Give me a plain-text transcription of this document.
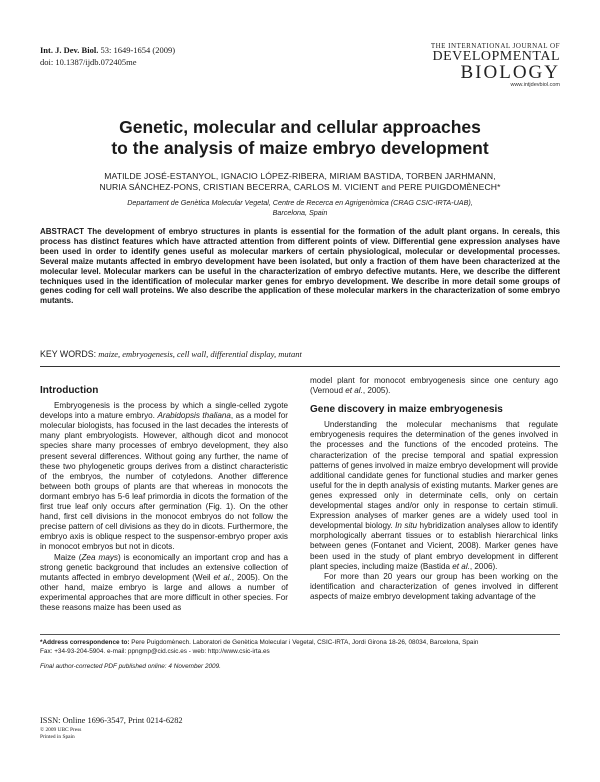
Int. J. Dev. Biol. 53: 1649-1654 (2009)
doi: 10.1387/ijdb.072405me
THE INTERNATIONAL JOURNAL OF
DEVELOPMENTAL
BIOLOGY
www.intjdevbiol.com
Genetic, molecular and cellular approaches
to the analysis of maize embryo development
MATILDE JOSÉ-ESTANYOL, IGNACIO LÓPEZ-RIBERA, MIRIAM BASTIDA, TORBEN JARHMANN,
NURIA SÁNCHEZ-PONS, CRISTIAN BECERRA, CARLOS M. VICIENT and PERE PUIGDOMÈNECH*
Departament de Genètica Molecular Vegetal, Centre de Recerca en Agrigenòmica (CRAG CSIC-IRTA-UAB),
Barcelona, Spain
ABSTRACT The development of embryo structures in plants is essential for the formation of the adult plant organs. In cereals, this process has distinct features which have attracted attention from different points of view. Differential gene expression analyses have been used in order to identify genes useful as molecular markers of certain physiological, molecular or developmental processes. Several maize mutants affected in embryo development have been isolated, but only a fraction of them have been characterized at the molecular level. Molecular markers can be useful in the characterization of embryo defective mutants. Here, we describe the different techniques used in the identification of molecular marker genes for embryo development. We describe in more detail some groups of genes coding for cell wall proteins. We also describe the application of these molecular markers in the characterization of some embryo mutants.
KEY WORDS: maize, embryogenesis, cell wall, differential display, mutant
Introduction

Embryogenesis is the process by which a single-celled zygote develops into a mature embryo. Arabidopsis thaliana, as a model for molecular biologists, has focused in the last decades the interests of many plant embryologists. However, although dicot and monocot species share many processes of embryo development, they also present several differences. Without going any further, the name of these two phylogenetic groups derives from a distinct characteristic of the embryos, the number of cotyledons. Another difference between both groups of plants are that whereas in monocots the dormant embryo has 5-6 leaf primordia in dicots the formation of the first true leaf only occurs after germination (Fig. 1). On the other hand, first cell divisions in the monocot embryos do not follow the precise pattern of cell divisions as they do in dicots. Furthermore, the embryo axis is oblique respect to the suspensor-embryo proper axis in monocot embryos but not in dicots.

Maize (Zea mays) is economically an important crop and has a strong genetic background that includes an extensive collection of mutants affected in embryo development (Weil et al., 2005). On the other hand, maize embryo is large and allows a number of experimental approaches that are more difficult in other species. For these reasons maize has been used as

model plant for monocot embryogenesis since one century ago (Vernoud et al., 2005).

Gene discovery in maize embryogenesis

Understanding the molecular mechanisms that regulate embryogenesis requires the determination of the genes involved in the processes and the functions of the encoded proteins. The characterization of the precise temporal and spatial expression patterns of genes involved in maize embryo development will provide additional candidate genes for functional studies and marker genes useful for the in depth analysis of existing mutants. Marker genes are genes expressed only in determinate cells, only on certain developmental stages and/or only in response to certain stimuli. Expression analyses of marker genes are a widely used tool in developmental biology. In situ hybridization analyses allow to identify morphologically aberrant tissues or to establish hierarchical links between genes (Fontanet and Vicient, 2008). Marker genes have been used in the study of plant embryo development in different plant species, including maize (Bastida et al., 2006).

For more than 20 years our group has been working on the identification and characterization of genes involved in different aspects of maize embryo development taking advantage of the

*Address correspondence to: Pere Puigdomènech. Laboratori de Genètica Molecular i Vegetal, CSIC-IRTA, Jordi Girona 18-26, 08034, Barcelona, Spain
Fax: +34-93-204-5904. e-mail: ppngmp@cid.csic.es - web: http://www.csic-irta.es
Final author-corrected PDF published online: 4 November 2009.
ISSN: Online 1696-3547, Print 0214-6282
© 2009 UBC Press
Printed in Spain
